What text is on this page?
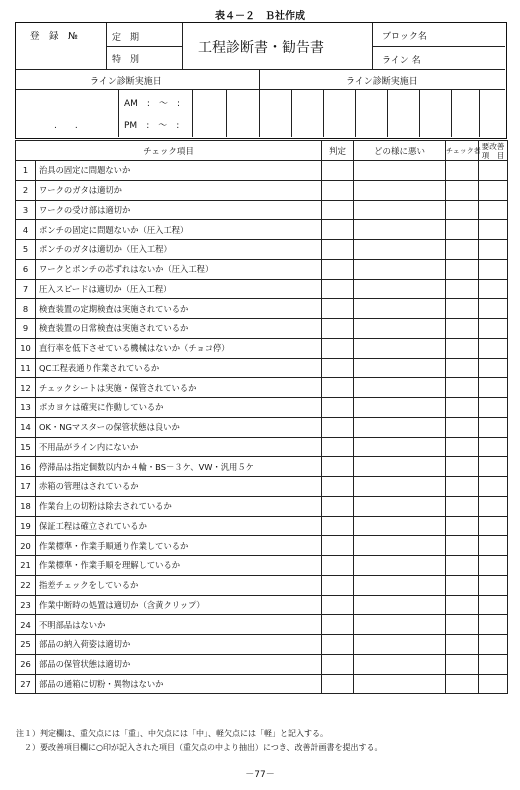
表４－２　Ｂ社作成
登　録　№	定　期
特　別
工程診断書・勧告書
ブロック名
ライン 名
ライン診断実施日	ライン診断実施日
.　　.
AM　:　～　:
PM　:　～　:
チェック項目		判定	どの様に悪い	チェック者	要改善
項　目

1	治具の固定に問題ないか				
2	ワークのガタは適切か				
3	ワークの受け部は適切か				
4	ポンチの固定に問題ないか（圧入工程）				
5	ポンチのガタは適切か（圧入工程）				
6	ワークとポンチの芯ずれはないか（圧入工程）				
7	圧入スピードは適切か（圧入工程）				
8	検査装置の定期検査は実施されているか				
9	検査装置の日常検査は実施されているか				
10	直行率を低下させている機械はないか（チョコ停）				
11	QC工程表通り作業されているか				
12	チェックシートは実施・保管されているか				
13	ポカヨケは確実に作動しているか				
14	OK・NGマスターの保管状態は良いか				
15	不用品がライン内にないか				
16	停滞品は指定個数以内か４輪・BS－３ケ、VW・汎用５ケ				
17	赤箱の管理はされているか				
18	作業台上の切粉は除去されているか				
19	保証工程は確立されているか				
20	作業標準・作業手順通り作業しているか				
21	作業標準・作業手順を理解しているか				
22	指差チェックをしているか				
23	作業中断時の処置は適切か（含黄クリップ）				
24	不明部品はないか				
25	部品の納入荷姿は適切か				
26	部品の保管状態は適切か				
27	部品の通箱に切粉・異物はないか				
注１）判定欄は、重欠点には「重」、中欠点には「中」、軽欠点には「軽」と記入する。
　２）要改善項目欄に○印が記入された項目（重欠点の中より抽出）につき、改善計画書を提出する。
－77－
